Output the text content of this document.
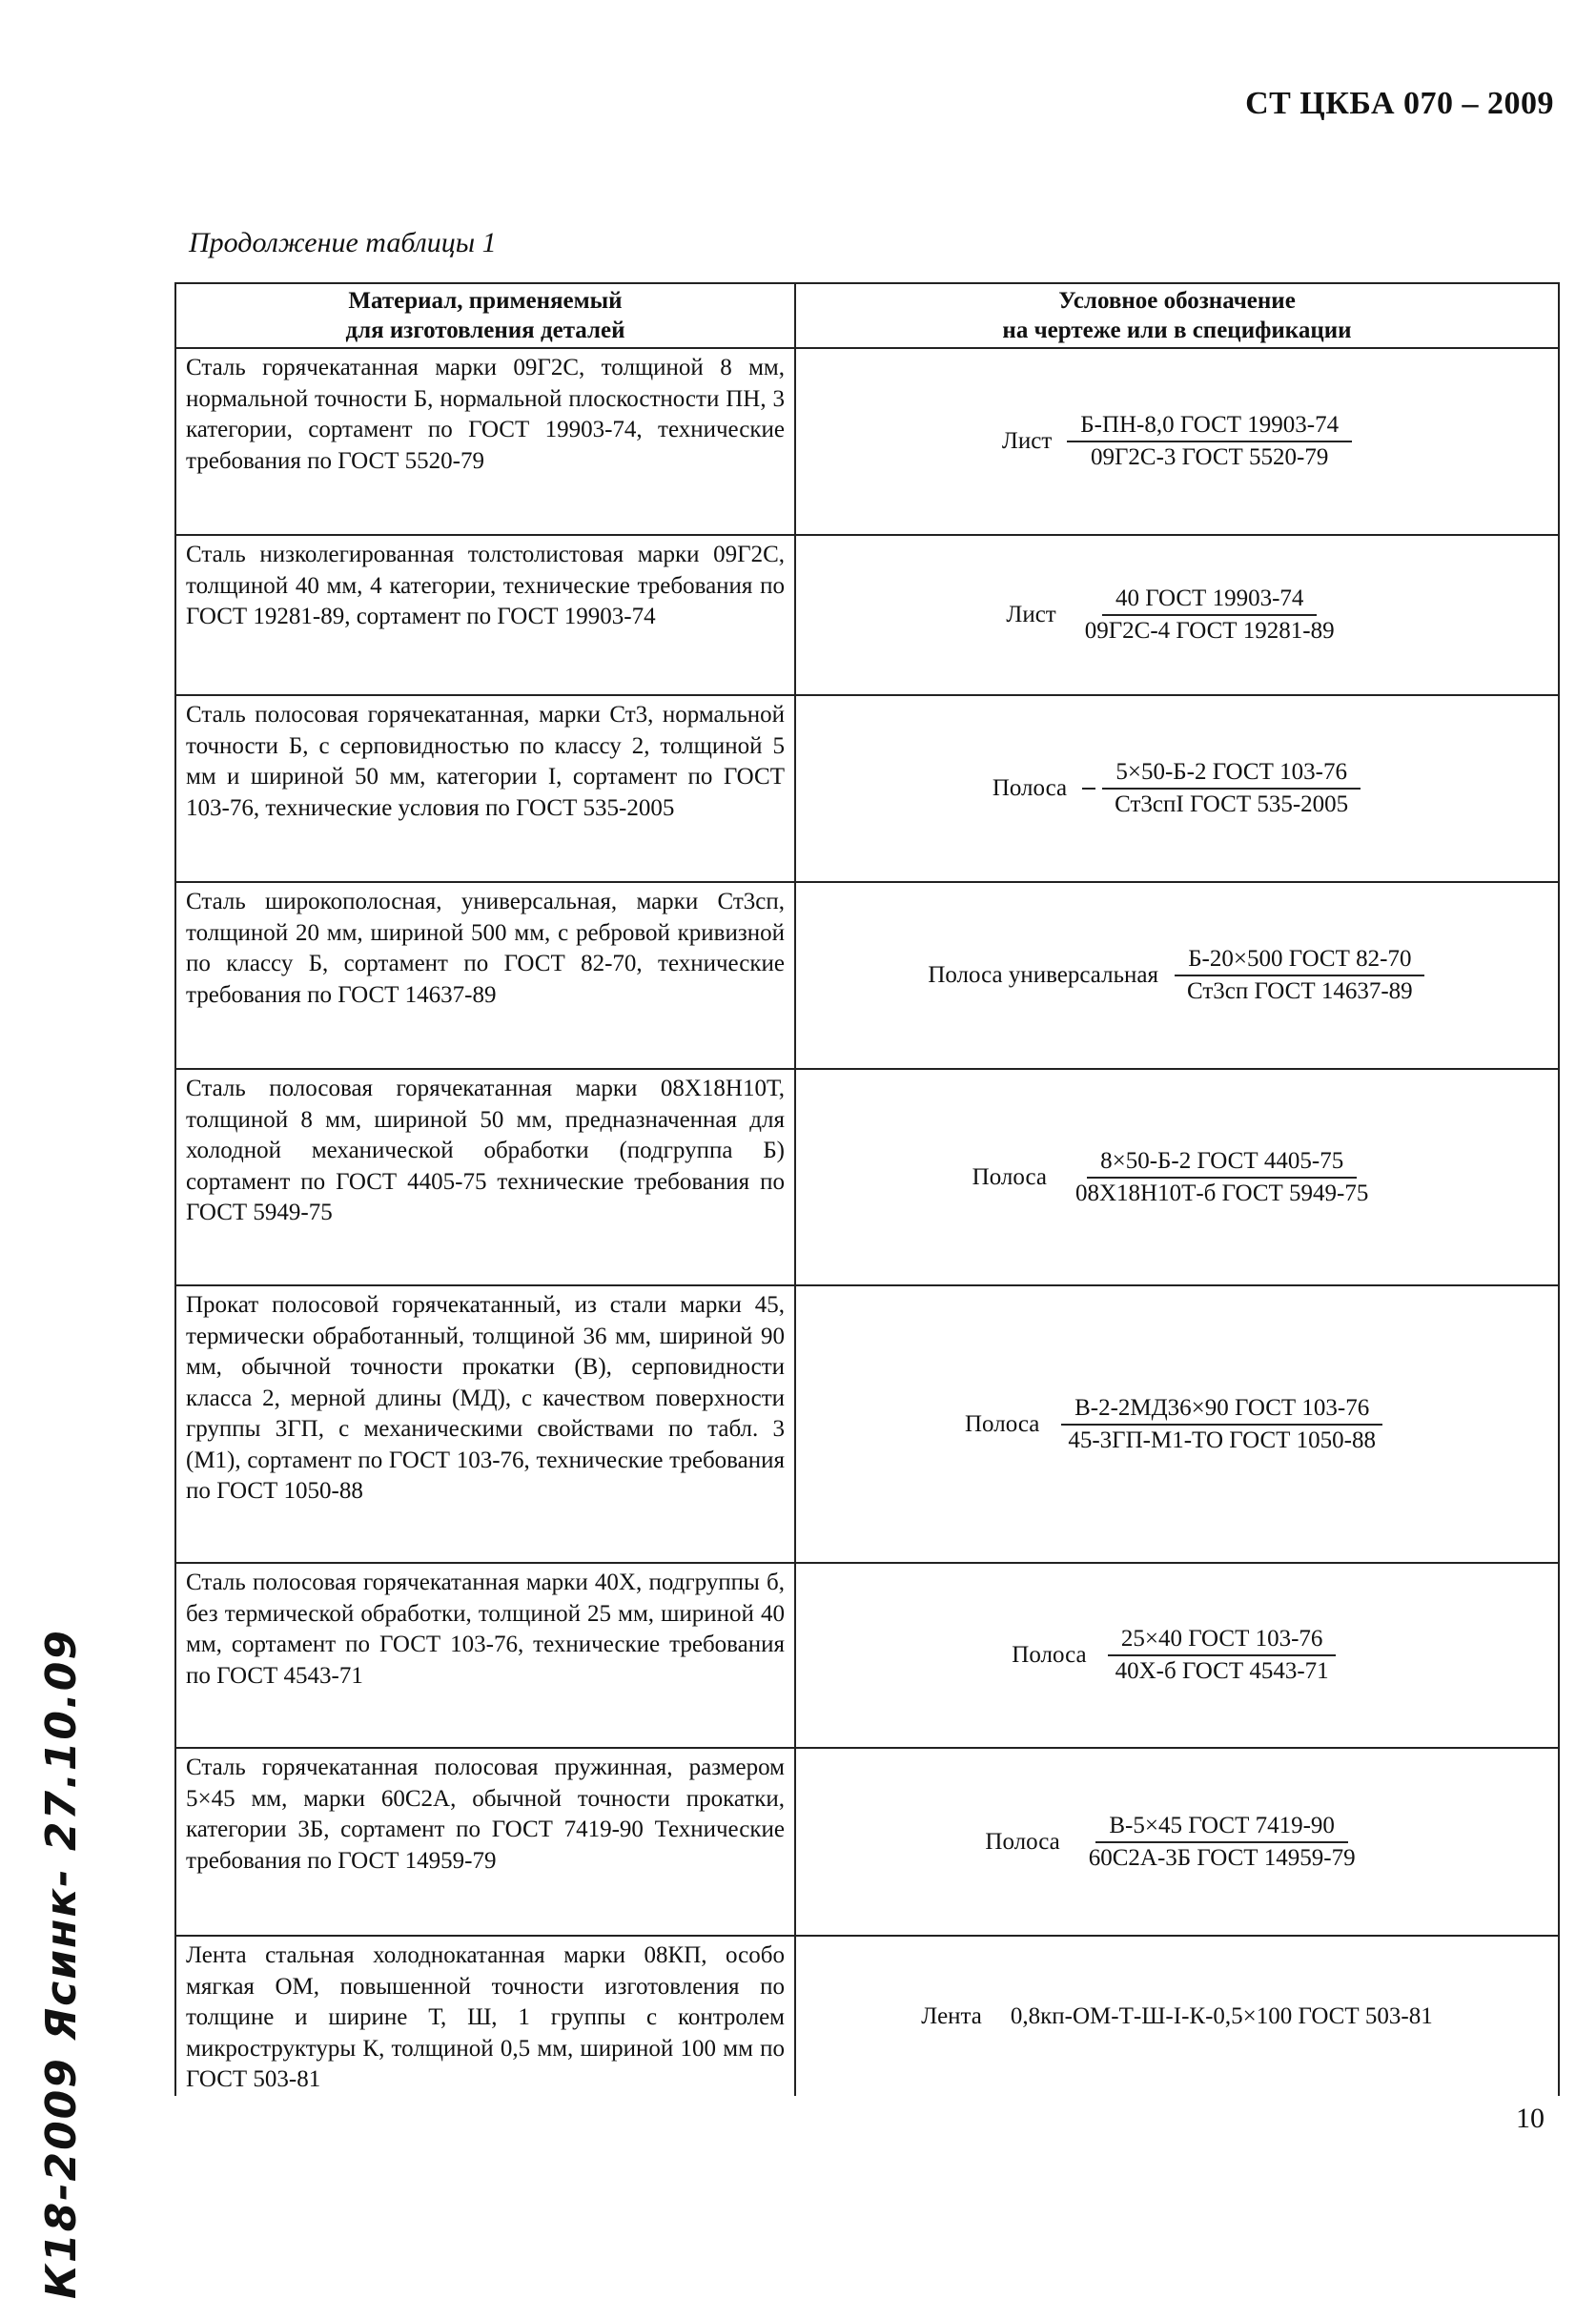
СТ ЦКБА 070 – 2009
Продолжение таблицы 1
Материал, применяемый
для изготовления деталей
Условное обозначение
на чертеже или в спецификации
Сталь горячекатанная марки 09Г2С, толщиной 8 мм, нормальной точности Б, нормальной плоскостности ПН, 3 категории, сортамент по ГОСТ 19903-74, технические требования по ГОСТ 5520-79
Лист $\frac{\text{Б-ПН-8,0 ГОСТ 19903-74}}{\text{09Г2С-3 ГОСТ 5520-79}}$
Сталь низколегированная толстолистовая марки 09Г2С, толщиной 40 мм, 4 категории, технические требования по ГОСТ 19281-89, сортамент по ГОСТ 19903-74	Лист $\frac{\text{40 ГОСТ 19903-74}}{\text{09Г2С-4 ГОСТ 19281-89}}$
Сталь полосовая горячекатанная, марки Ст3, нормальной точности Б, с серповидностью по классу 2, толщиной 5 мм и шириной 50 мм, категории I, сортамент по ГОСТ 103-76, технические условия по ГОСТ 535-2005
Полоса $\frac{\text{5×50-Б-2 ГОСТ 103-76}}{\text{Ст3спI ГОСТ 535-2005}}$
Сталь широкополосная, универсальная, марки Ст3сп, толщиной 20 мм, шириной 500 мм, с ребровой кривизной по классу Б, сортамент по ГОСТ 82-70, технические требования по ГОСТ 14637-89
Полоса универсальная $\frac{\text{Б-20×500 ГОСТ 82-70}}{\text{Ст3сп ГОСТ 14637-89}}$
Сталь полосовая горячекатанная марки 08Х18Н10Т, толщиной 8 мм, шириной 50 мм, предназначенная для холодной механической обработки (подгруппа Б) сортамент по ГОСТ 4405-75 технические требования по ГОСТ 5949-75
Полоса $\frac{\text{8×50-Б-2 ГОСТ 4405-75}}{\text{08Х18Н10Т-б ГОСТ 5949-75}}$
Прокат полосовой горячекатанный, из стали марки 45, термически обработанный, толщиной 36 мм, шириной 90 мм, обычной точности прокатки (В), серповидности класса 2, мерной длины (МД), с качеством поверхности группы 3ГП, с механическими свойствами по табл. 3 (М1), сортамент по ГОСТ 103-76, технические требования по ГОСТ 1050-88
Полоса $\frac{\text{В-2-2МД36×90 ГОСТ 103-76}}{\text{45-3ГП-М1-ТО ГОСТ 1050-88}}$
Сталь полосовая горячекатанная марки 40Х, подгруппы б, без термической обработки, толщиной 25 мм, шириной 40 мм, сортамент по ГОСТ 103-76, технические требования по ГОСТ 4543-71
Полоса $\frac{\text{25×40 ГОСТ 103-76}}{\text{40Х-б ГОСТ 4543-71}}$
Сталь горячекатанная полосовая пружинная, размером 5×45 мм, марки 60С2А, обычной точности прокатки, категории 3Б, сортамент по ГОСТ 7419-90 Технические требования по ГОСТ 14959-79
Полоса $\frac{\text{В-5×45 ГОСТ 7419-90}}{\text{60С2А-3Б ГОСТ 14959-79}}$
Лента стальная холоднокатанная марки 08КП, особо мягкая ОМ, повышенной точности изготовления по толщине и ширине Т, Ш, 1 группы с контролем микроструктуры К, толщиной 0,5 мм, шириной 100 мм по ГОСТ 503-81
Лента 0,8кп-ОМ-Т-Ш-I-К-0,5×100 ГОСТ 503-81
10
К18-2009 Ясинк- 27.10.09
